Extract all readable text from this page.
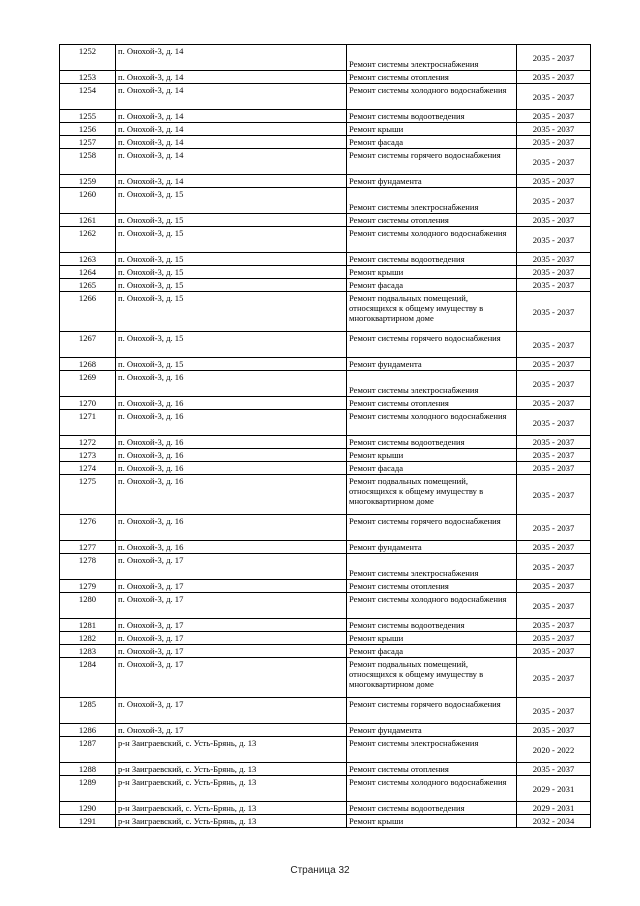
1252	п. Онохой-3, д. 14	Ремонт системы электроснабжения	2035 - 2037
1253	п. Онохой-3, д. 14	Ремонт системы отопления	2035 - 2037
1254	п. Онохой-3, д. 14	Ремонт системы холодного водоснабжения	2035 - 2037
1255	п. Онохой-3, д. 14	Ремонт системы водоотведения	2035 - 2037
1256	п. Онохой-3, д. 14	Ремонт крыши	2035 - 2037
1257	п. Онохой-3, д. 14	Ремонт фасада	2035 - 2037
1258	п. Онохой-3, д. 14	Ремонт системы горячего водоснабжения	2035 - 2037
1259	п. Онохой-3, д. 14	Ремонт фундамента	2035 - 2037
1260	п. Онохой-3, д. 15	Ремонт системы электроснабжения	2035 - 2037
1261	п. Онохой-3, д. 15	Ремонт системы отопления	2035 - 2037
1262	п. Онохой-3, д. 15	Ремонт системы холодного водоснабжения	2035 - 2037
1263	п. Онохой-3, д. 15	Ремонт системы водоотведения	2035 - 2037
1264	п. Онохой-3, д. 15	Ремонт крыши	2035 - 2037
1265	п. Онохой-3, д. 15	Ремонт фасада	2035 - 2037
1266	п. Онохой-3, д. 15	Ремонт подвальных помещений, относящихся к общему имуществу в многоквартирном доме	2035 - 2037
1267	п. Онохой-3, д. 15	Ремонт системы горячего водоснабжения	2035 - 2037
1268	п. Онохой-3, д. 15	Ремонт фундамента	2035 - 2037
1269	п. Онохой-3, д. 16	Ремонт системы электроснабжения	2035 - 2037
1270	п. Онохой-3, д. 16	Ремонт системы отопления	2035 - 2037
1271	п. Онохой-3, д. 16	Ремонт системы холодного водоснабжения	2035 - 2037
1272	п. Онохой-3, д. 16	Ремонт системы водоотведения	2035 - 2037
1273	п. Онохой-3, д. 16	Ремонт крыши	2035 - 2037
1274	п. Онохой-3, д. 16	Ремонт фасада	2035 - 2037
1275	п. Онохой-3, д. 16	Ремонт подвальных помещений, относящихся к общему имуществу в многоквартирном доме	2035 - 2037
1276	п. Онохой-3, д. 16	Ремонт системы горячего водоснабжения	2035 - 2037
1277	п. Онохой-3, д. 16	Ремонт фундамента	2035 - 2037
1278	п. Онохой-3, д. 17	Ремонт системы электроснабжения	2035 - 2037
1279	п. Онохой-3, д. 17	Ремонт системы отопления	2035 - 2037
1280	п. Онохой-3, д. 17	Ремонт системы холодного водоснабжения	2035 - 2037
1281	п. Онохой-3, д. 17	Ремонт системы водоотведения	2035 - 2037
1282	п. Онохой-3, д. 17	Ремонт крыши	2035 - 2037
1283	п. Онохой-3, д. 17	Ремонт фасада	2035 - 2037
1284	п. Онохой-3, д. 17	Ремонт подвальных помещений, относящихся к общему имуществу в многоквартирном доме	2035 - 2037
1285	п. Онохой-3, д. 17	Ремонт системы горячего водоснабжения	2035 - 2037
1286	п. Онохой-3, д. 17	Ремонт фундамента	2035 - 2037
1287	р-н Заиграевский, с. Усть-Брянь, д. 13	Ремонт системы электроснабжения	2020 - 2022
1288	р-н Заиграевский, с. Усть-Брянь, д. 13	Ремонт системы отопления	2035 - 2037
1289	р-н Заиграевский, с. Усть-Брянь, д. 13	Ремонт системы холодного водоснабжения	2029 - 2031
1290	р-н Заиграевский, с. Усть-Брянь, д. 13	Ремонт системы водоотведения	2029 - 2031
1291	р-н Заиграевский, с. Усть-Брянь, д. 13	Ремонт крыши	2032 - 2034
Страница 32
